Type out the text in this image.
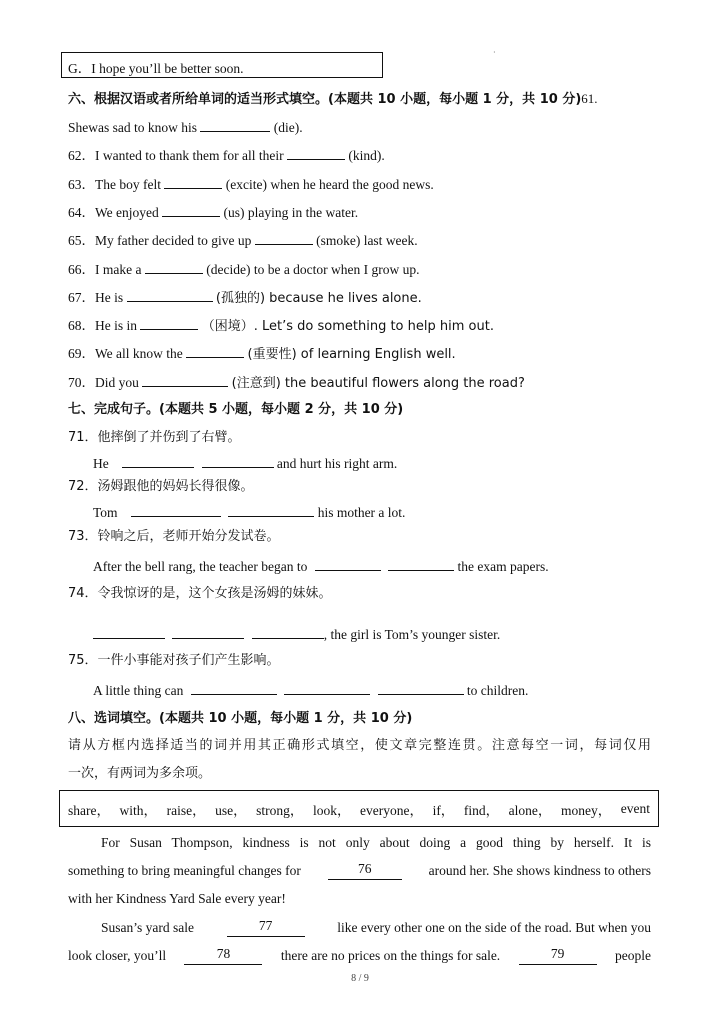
·
G．I hope you’ll be better soon.
六、根据汉语或者所给单词的适当形式填空。(本题共 10 小题，每小题 1 分，共 10 分)61.
Shewas sad to know his	(die).
62．I wanted to thank them for all their	(kind).
63．The boy felt	(excite) when he heard the good news.
64．We enjoyed	(us) playing in the water.
65．My father decided to give up	(smoke) last week.
66．I make a	(decide) to be a doctor when I grow up.
67．He is	(孤独的) because he lives alone.
68．He is in	（困境）. Let’s do something to help him out.
69．We all know the	(重要性) of learning English well.
70．Did you	(注意到) the beautiful flowers along the road?
七、完成句子。(本题共 5 小题，每小题 2 分，共 10 分)
71．他摔倒了并伤到了右臂。
He	and hurt his right arm.
72．汤姆跟他的妈妈长得很像。
Tom	his mother a lot.
73．铃响之后，老师开始分发试卷。
After the bell rang, the teacher began to	the exam papers.
74．令我惊讶的是，这个女孩是汤姆的妹妹。
, the girl is Tom’s younger sister.
75．一件小事能对孩子们产生影响。
A little thing can	to children.
八、选词填空。(本题共 10 小题，每小题 1 分，共 10 分)
请从方框内选择适当的词并用其正确形式填空，使文章完整连贯。注意每空一词，每词仅用
一次，有两词为多余项。
share， with， raise， use， strong， look， everyone， if， find， alone， money， event
For Susan Thompson, kindness is not only about doing a good thing by herself. It is
something to bring meaningful changes for	76	around her. She shows kindness to others
with her Kindness Yard Sale every year!
Susan’s yard sale	77	like every other one on the side of the road. But when you
look closer, you’ll	78	there are no prices on the things for sale.	79	people
8 / 9
